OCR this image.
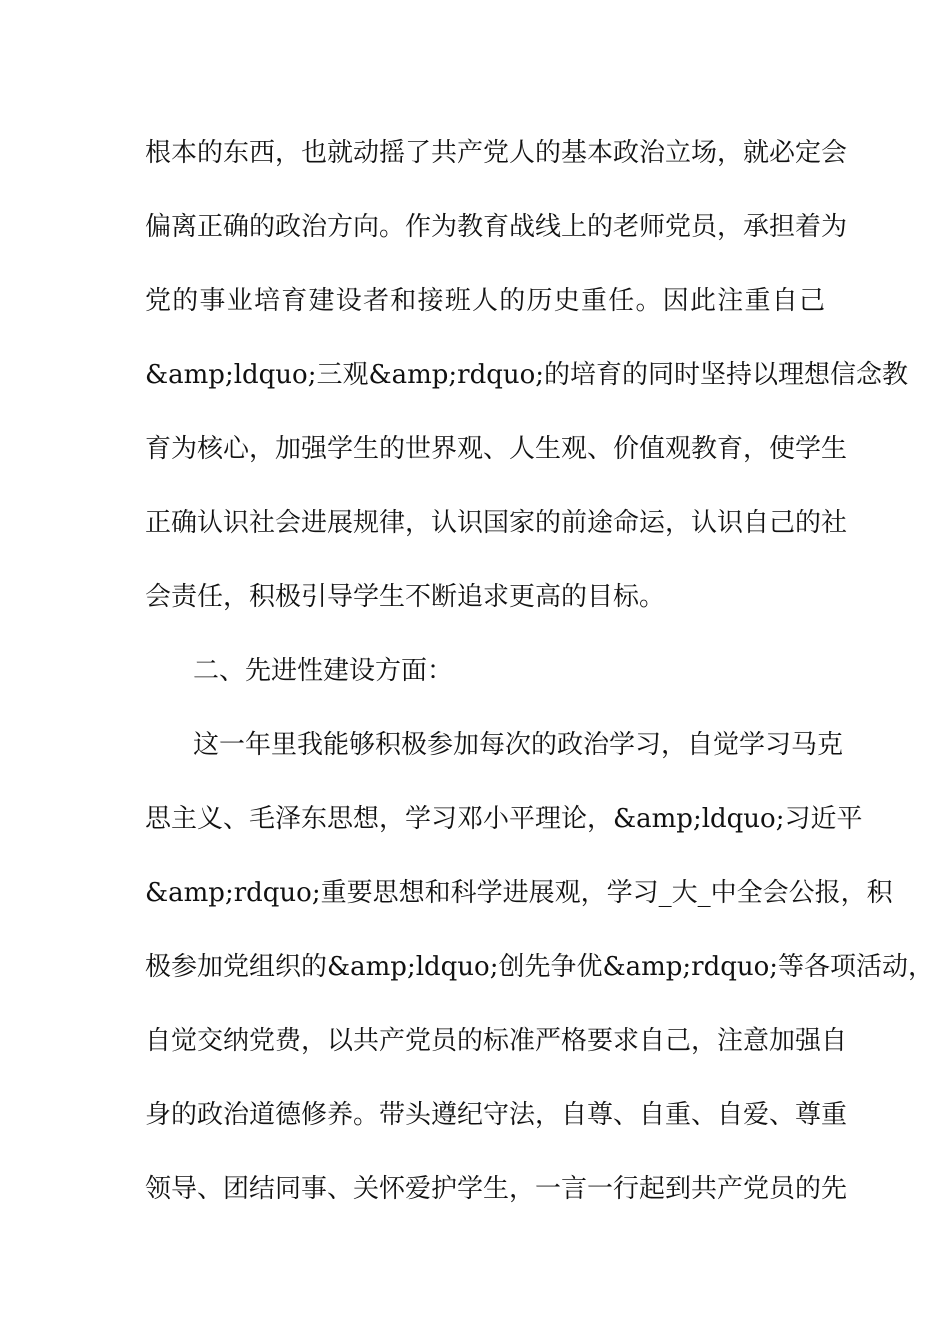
根本的东西，也就动摇了共产党人的基本政治立场，就必定会
偏离正确的政治方向。作为教育战线上的老师党员，承担着为
党的事业培育建设者和接班人的历史重任。因此注重自己
&amp;ldquo;三观&amp;rdquo;的培育的同时坚持以理想信念教
育为核心，加强学生的世界观、人生观、价值观教育，使学生
正确认识社会进展规律，认识国家的前途命运，认识自己的社
会责任，积极引导学生不断追求更高的目标。
二、先进性建设方面：
这一年里我能够积极参加每次的政治学习，自觉学习马克
思主义、毛泽东思想，学习邓小平理论，&amp;ldquo;习近平
&amp;rdquo;重要思想和科学进展观，学习_大_中全会公报，积
极参加党组织的&amp;ldquo;创先争优&amp;rdquo;等各项活动，
自觉交纳党费，以共产党员的标准严格要求自己，注意加强自
身的政治道德修养。带头遵纪守法，自尊、自重、自爱、尊重
领导、团结同事、关怀爱护学生，一言一行起到共产党员的先
